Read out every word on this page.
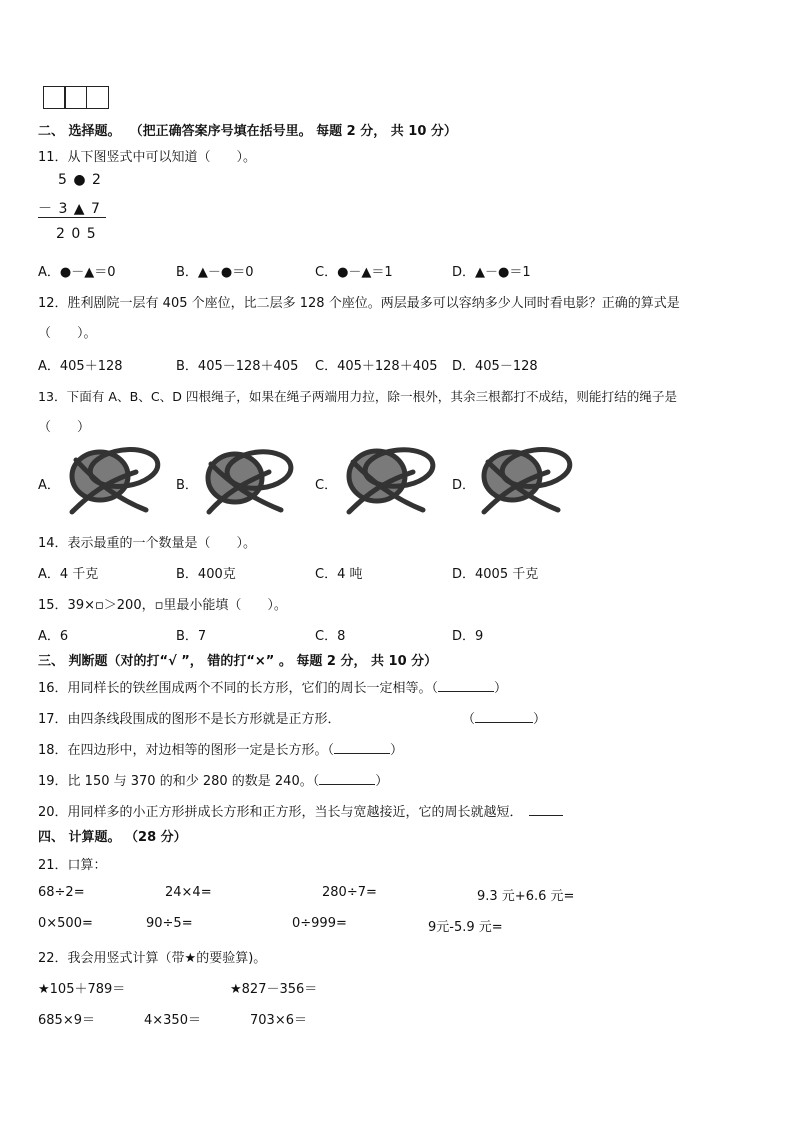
二、 选择题。 （把正确答案序号填在括号里。 每题 2 分， 共 10 分）
11．从下图竖式中可以知道（　　）。
5 ● 2
－ 3 ▲ 7
2 0 5
A．●－▲＝0	B．▲－●＝0	C．●－▲＝1	D．▲－●＝1
12．胜利剧院一层有 405 个座位，比二层多 128 个座位。两层最多可以容纳多少人同时看电影？正确的算式是
（　　）。
A．405＋128	B．405－128＋405 C．405＋128＋405 D．405－128
13．下面有 A、B、C、D 四根绳子，如果在绳子两端用力拉，除一根外，其余三根都打不成结，则能打结的绳子是
（　　）
A．	B．	C．	D．
14．表示最重的一个数量是（　　）。
A．4 千克	B．400克	C．4 吨	D．4005 千克
15．39×▫＞200，▫里最小能填（　　）。
A．6	B．7	C．8	D．9
三、 判断题（对的打“√ ”， 错的打“×” 。 每题 2 分， 共 10 分）
16．用同样长的铁丝围成两个不同的长方形，它们的周长一定相等。（	）
17．由四条线段围成的图形不是长方形就是正方形．	（	）
18．在四边形中，对边相等的图形一定是长方形。（	）
19．比 150 与 370 的和少 280 的数是 240。（	）
20．用同样多的小正方形拼成长方形和正方形，当长与宽越接近，它的周长就越短．
四、 计算题。 （28 分）
21．口算：
68÷2=	24×4=	280÷7=	9.3 元+6.6 元=
0×500=	90÷5=	0÷999=	9元-5.9 元=
22．我会用竖式计算（带★的要验算)。
★105＋789＝	★827－356＝
685×9＝	4×350＝	703×6＝
